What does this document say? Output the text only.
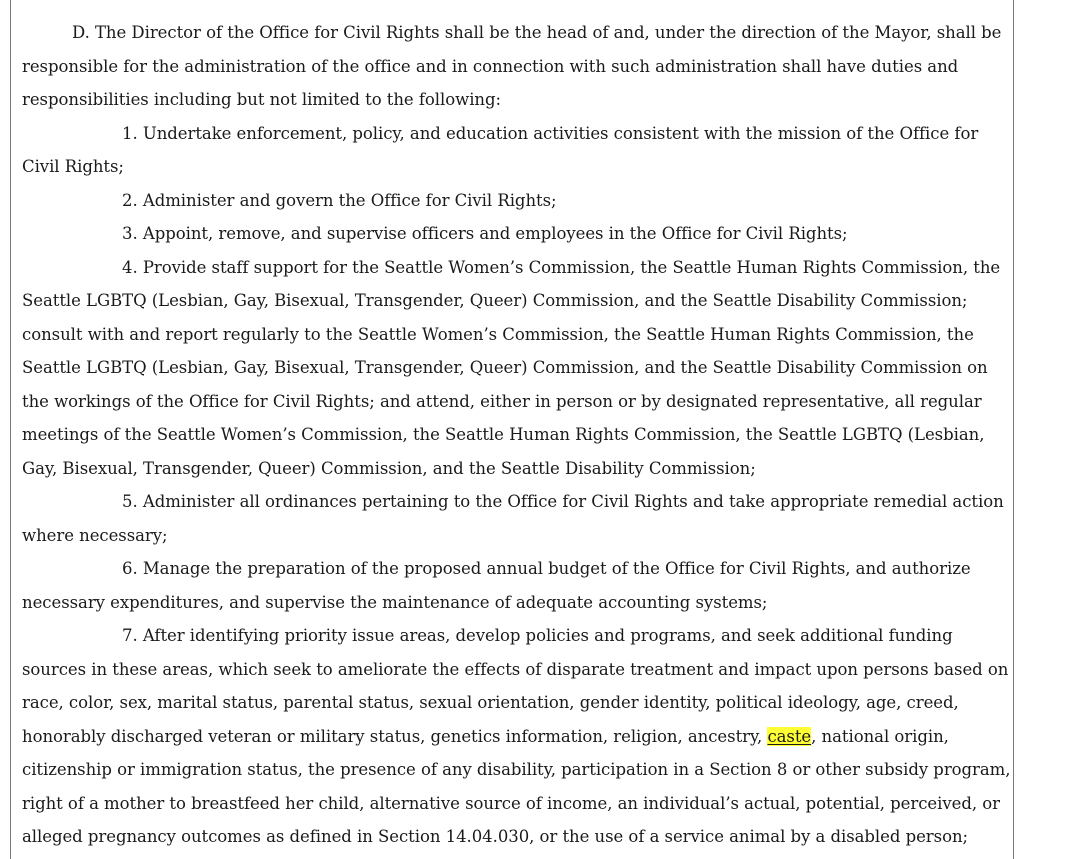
D. The Director of the Office for Civil Rights shall be the head of and, under the direction of the Mayor, shall be responsible for the administration of the office and in connection with such administration shall have duties and responsibilities including but not limited to the following:

1. Undertake enforcement, policy, and education activities consistent with the mission of the Office for Civil Rights;

2. Administer and govern the Office for Civil Rights;

3. Appoint, remove, and supervise officers and employees in the Office for Civil Rights;

4. Provide staff support for the Seattle Women’s Commission, the Seattle Human Rights Commission, the Seattle LGBTQ (Lesbian, Gay, Bisexual, Transgender, Queer) Commission, and the Seattle Disability Commission; consult with and report regularly to the Seattle Women’s Commission, the Seattle Human Rights Commission, the Seattle LGBTQ (Lesbian, Gay, Bisexual, Transgender, Queer) Commission, and the Seattle Disability Commission on the workings of the Office for Civil Rights; and attend, either in person or by designated representative, all regular meetings of the Seattle Women’s Commission, the Seattle Human Rights Commission, the Seattle LGBTQ (Lesbian, Gay, Bisexual, Transgender, Queer) Commission, and the Seattle Disability Commission;

5. Administer all ordinances pertaining to the Office for Civil Rights and take appropriate remedial action where necessary;

6. Manage the preparation of the proposed annual budget of the Office for Civil Rights, and authorize necessary expenditures, and supervise the maintenance of adequate accounting systems;

7. After identifying priority issue areas, develop policies and programs, and seek additional funding sources in these areas, which seek to ameliorate the effects of disparate treatment and impact upon persons based on race, color, sex, marital status, parental status, sexual orientation, gender identity, political ideology, age, creed, honorably discharged veteran or military status, genetics information, religion, ancestry, caste, national origin, citizenship or immigration status, the presence of any disability, participation in a Section 8 or other subsidy program, right of a mother to breastfeed her child, alternative source of income, an individual’s actual, potential, perceived, or alleged pregnancy outcomes as defined in Section 14.04.030, or the use of a service animal by a disabled person;
